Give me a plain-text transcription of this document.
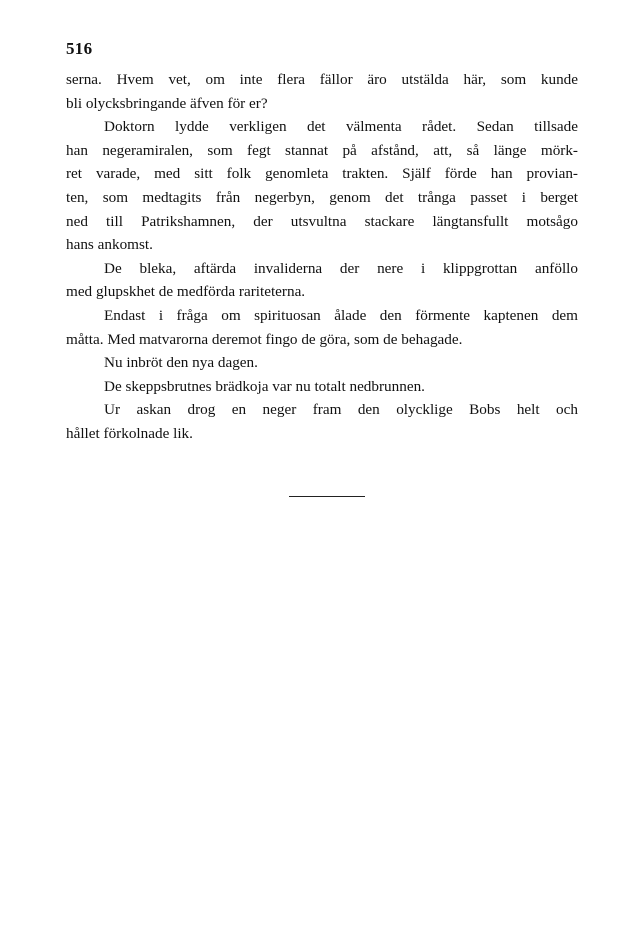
516
serna. Hvem vet, om inte flera fällor äro utstälda här, som kunde
bli olycksbringande äfven för er?
Doktorn lydde verkligen det välmenta rådet. Sedan tillsade
han negeramiralen, som fegt stannat på afstånd, att, så länge mörk-
ret varade, med sitt folk genomleta trakten. Själf förde han provian-
ten, som medtagits från negerbyn, genom det trånga passet i berget
ned till Patrikshamnen, der utsvultna stackare längtansfullt motsågo
hans ankomst.
De bleka, aftärda invaliderna der nere i klippgrottan anföllo
med glupskhet de medförda rariteterna.
Endast i fråga om spirituosan ålade den förmente kaptenen dem
måtta. Med matvarorna deremot fingo de göra, som de behagade.
Nu inbröt den nya dagen.
De skeppsbrutnes brädkoja var nu totalt nedbrunnen.
Ur askan drog en neger fram den olycklige Bobs helt och
hållet förkolnade lik.
